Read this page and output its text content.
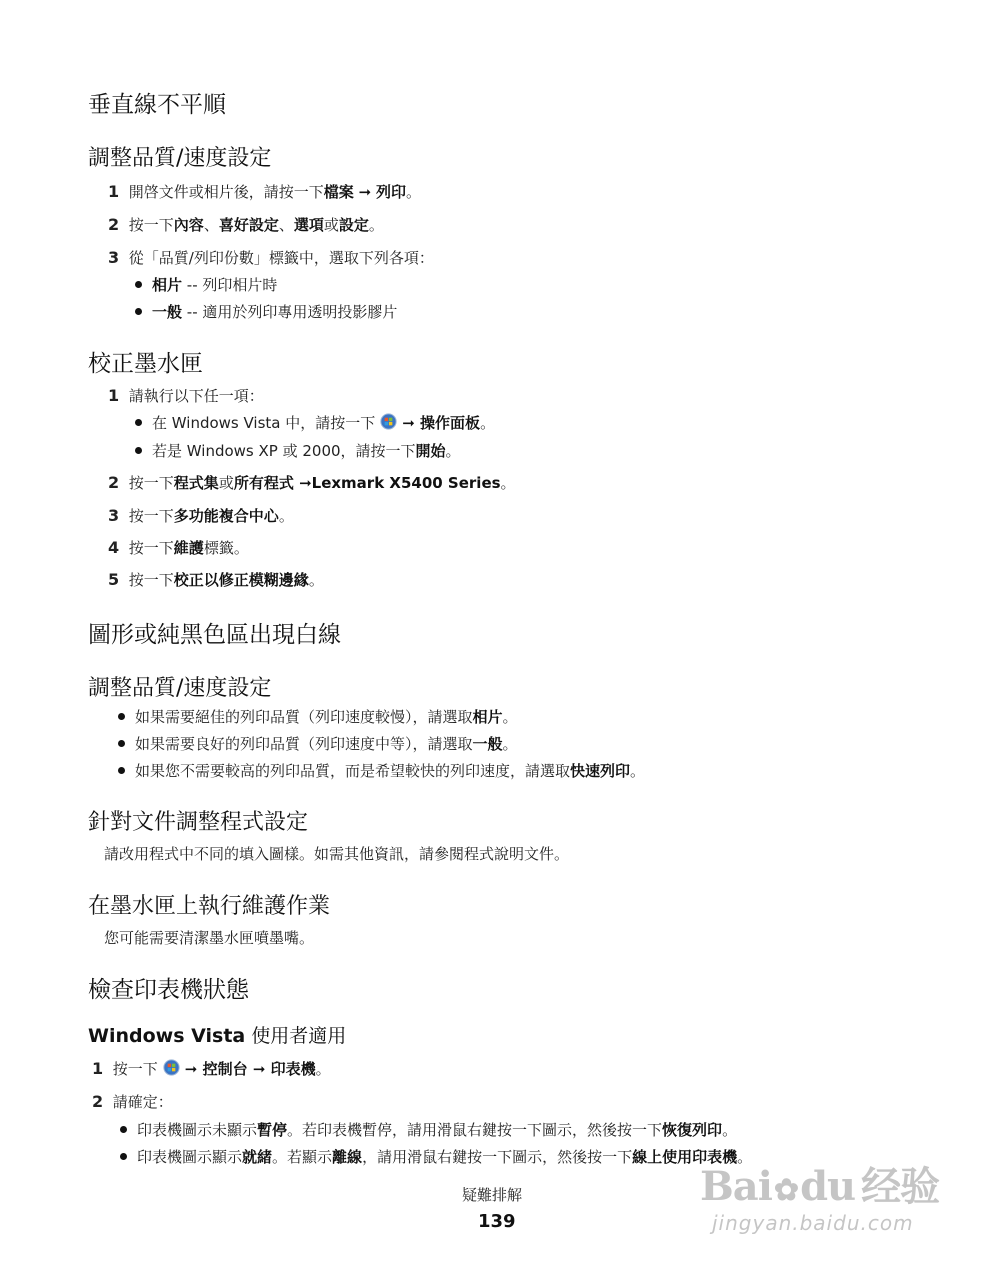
垂直線不平順
調整品質/速度設定
1 開啓文件或相片後，請按一下檔案 ➞ 列印。
2 按一下內容、喜好設定、選項或設定。
3 從「品質/列印份數」標籤中，選取下列各項：
相片 -- 列印相片時
一般 -- 適用於列印專用透明投影膠片
校正墨水匣
1 請執行以下任一項：
在 Windows Vista 中，請按一下  ➞ 操作面板。
若是 Windows XP 或 2000，請按一下開始。
2 按一下程式集或所有程式 ➞Lexmark X5400 Series。
3 按一下多功能複合中心。
4 按一下維護標籤。
5 按一下校正以修正模糊邊緣。
圖形或純黑色區出現白線
調整品質/速度設定
如果需要絕佳的列印品質（列印速度較慢），請選取相片。
如果需要良好的列印品質（列印速度中等），請選取一般。
如果您不需要較高的列印品質，而是希望較快的列印速度，請選取快速列印。
針對文件調整程式設定
請改用程式中不同的填入圖樣。如需其他資訊，請參閱程式說明文件。
在墨水匣上執行維護作業
您可能需要清潔墨水匣噴墨嘴。
檢查印表機狀態
Windows Vista 使用者適用
1 按一下  ➞ 控制台 ➞ 印表機。
2 請確定：
印表機圖示未顯示暫停。若印表機暫停，請用滑鼠右鍵按一下圖示，然後按一下恢復列印。
印表機圖示顯示就緒。若顯示離線，請用滑鼠右鍵按一下圖示，然後按一下線上使用印表機。
疑難排解
139
Bai✿du 经验
jingyan.baidu.com
